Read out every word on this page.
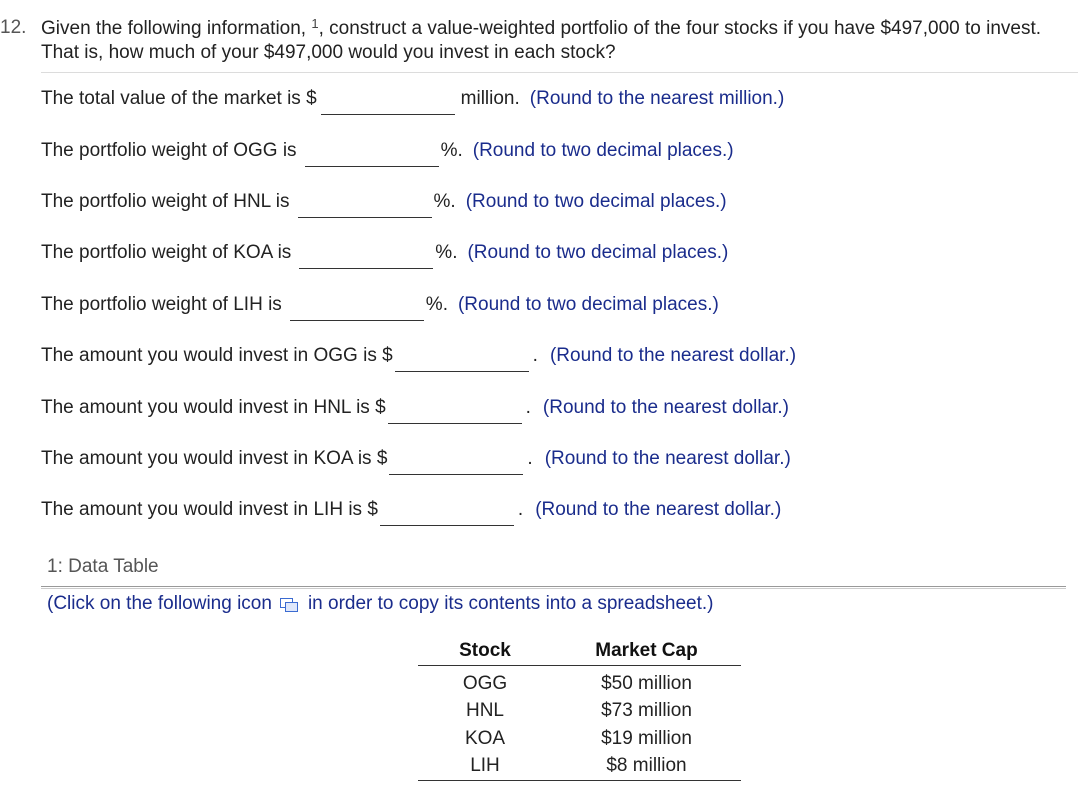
12. Given the following information, $^1$, construct a value-weighted portfolio of the four stocks if you have $497,000 to invest.
That is, how much of your $497,000 would you invest in each stock?
The total value of the market is $	million. (Round to the nearest million.)
The portfolio weight of OGG is	%. (Round to two decimal places.)
The portfolio weight of HNL is	%. (Round to two decimal places.)
The portfolio weight of KOA is	%. (Round to two decimal places.)
The portfolio weight of LIH is	%. (Round to two decimal places.)
The amount you would invest in OGG is $	. (Round to the nearest dollar.)
The amount you would invest in HNL is $	. (Round to the nearest dollar.)
The amount you would invest in KOA is $	. (Round to the nearest dollar.)
The amount you would invest in LIH is $	. (Round to the nearest dollar.)
1: Data Table
(Click on the following icon in order to copy its contents into a spreadsheet.)
Stock	Market Cap
OGG	$50 million
HNL	$73 million
KOA	$19 million
LIH	$8 million
